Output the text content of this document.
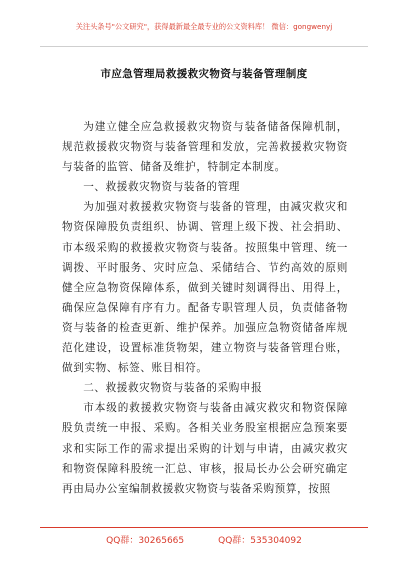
关注头条号"公文研究"，获得最新最全最专业的公文资料库！ 微信：gongwenyj
市应急管理局救援救灾物资与装备管理制度

为建立健全应急救援救灾物资与装备储备保障机制，规范救援救灾物资与装备管理和发放，完善救援救灾物资与装备的监管、储备及维护，特制定本制度。

一、救援救灾物资与装备的管理

为加强对救援救灾物资与装备的管理，由减灾救灾和物资保障股负责组织、协调、管理上级下拨、社会捐助、市本级采购的救援救灾物资与装备。按照集中管理、统一调拨、平时服务、灾时应急、采储结合、节约高效的原则健全应急物资保障体系，做到关键时刻调得出、用得上，确保应急保障有序有力。配备专职管理人员，负责储备物资与装备的检查更新、维护保养。加强应急物资储备库规范化建设，设置标准货物架，建立物资与装备管理台账，做到实物、标签、账目相符。

二、救援救灾物资与装备的采购申报

市本级的救援救灾物资与装备由减灾救灾和物资保障股负责统一申报、采购。各相关业务股室根据应急预案要求和实际工作的需求提出采购的计划与申请，由减灾救灾和物资保障科股统一汇总、审核，报局长办公会研究确定再由局办公室编制救援救灾物资与装备采购预算，按照

QQ群：30265665	QQ群：535304092
